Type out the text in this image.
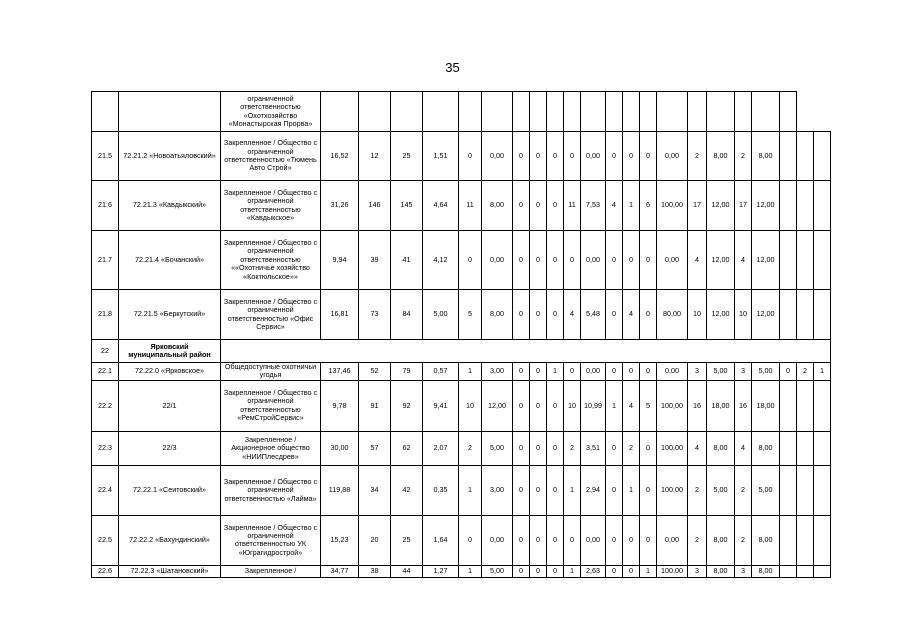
35
		ограниченной ответственностью «Охотхозяйство «Монастырская Прорва»																						
21.5	72.21.2 «Новоатьяловский»	Закрепленное / Общество с ограниченной ответственностью «Тюмень Авто Строй»	16,52	12	25	1,51	0	0,00	0	0	0	0	0,00	0	0	0	0,00	2	8,00	2	8,00			
21.6	72.21.3 «Кавдыкский»	Закрепленное / Общество с ограниченной ответственностью «Кавдыкское»	31,26	146	145	4,64	11	8,00	0	0	0	11	7,53	4	1	6	100,00	17	12,00	17	12,00			
21.7	72.21.4 «Бочанский»	Закрепленное / Общество с ограниченной ответственностью ««Охотничье хозяйство «Коктюльское»»	9,94	39	41	4,12	0	0,00	0	0	0	0	0,00	0	0	0	0,00	4	12,00	4	12,00			
21.8	72.21.5 «Беркутский»	Закрепленное / Общество с ограниченной ответственностью «Офис Сервис»	16,81	73	84	5,00	5	8,00	0	0	0	4	5,48	0	4	0	80,00	10	12,00	10	12,00			
22	Ярковский муниципальный район																							
22.1	72.22.0 «Ярковское»	Общедоступные охотничьи угодья	137,46	52	79	0,57	1	3,00	0	0	1	0	0,00	0	0	0	0,00	3	5,00	3	5,00	0	2	1
22.2	22/1	Закрепленное / Общество с ограниченной ответственностью «РемСтройСервис»	9,78	91	92	9,41	10	12,00	0	0	0	10	10,99	1	4	5	100,00	16	18,00	16	18,00			
22.3	22/3	Закрепленное / Акционерное общество «НИИПлесдрев»	30,00	57	62	2,07	2	5,00	0	0	0	2	3,51	0	2	0	100,00	4	8,00	4	8,00			
22.4	72.22.1 «Сеитовский»	Закрепленное / Общество с ограниченной ответственностью «Лайма»	119,88	34	42	0,35	1	3,00	0	0	0	1	2,94	0	1	0	100,00	2	5,00	2	5,00			
22.5	72.22.2 «Бахундинский»	Закрепленное / Общество с ограниченной ответственностью УК «Юграгидрострой»	15,23	20	25	1,64	0	0,00	0	0	0	0	0,00	0	0	0	0,00	2	8,00	2	8,00			
22.6	72.22.3 «Шатановский»	Закрепленное /	34,77	38	44	1,27	1	5,00	0	0	0	1	2,63	0	0	1	100,00	3	8,00	3	8,00			
